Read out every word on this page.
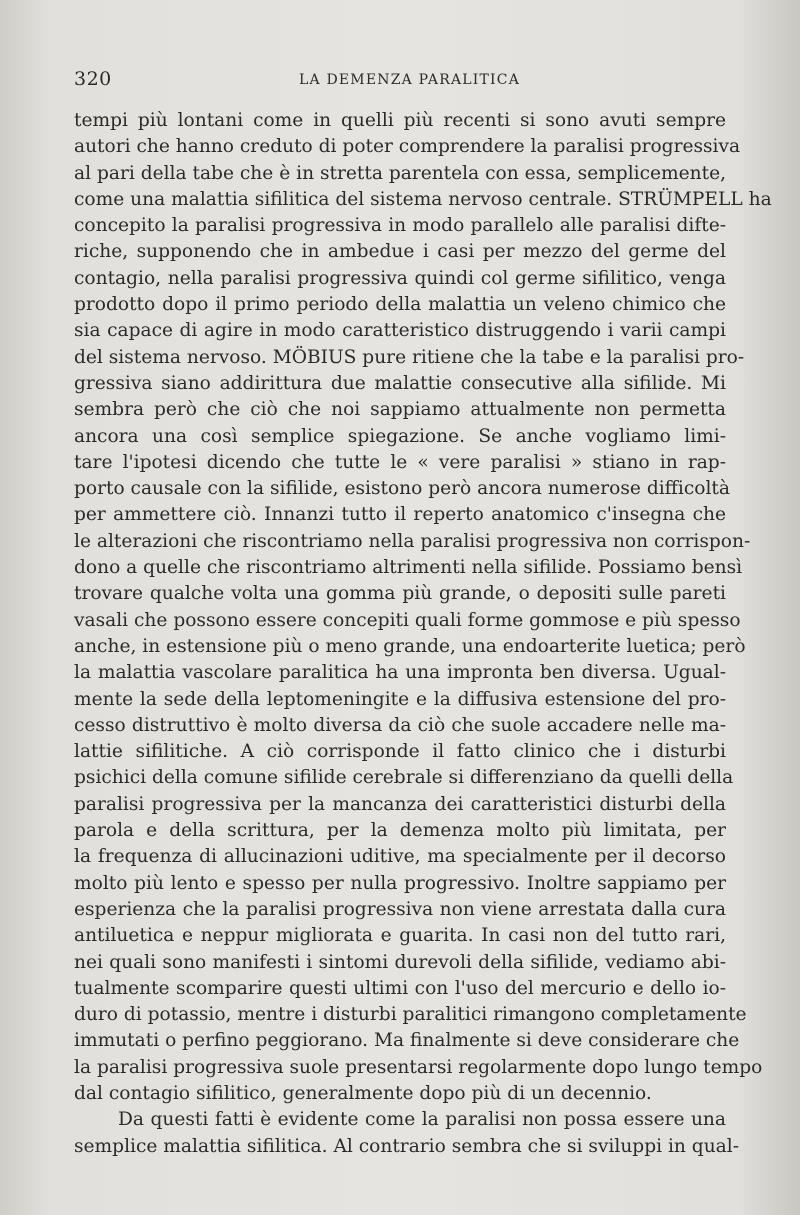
320	LA DEMENZA PARALITICA
tempi più lontani come in quelli più recenti si sono avuti sempre
autori che hanno creduto di poter comprendere la paralisi progressiva
al pari della tabe che è in stretta parentela con essa, semplicemente,
come una malattia sifilitica del sistema nervoso centrale. STRÜMPELL ha
concepito la paralisi progressiva in modo parallelo alle paralisi difte-
riche, supponendo che in ambedue i casi per mezzo del germe del
contagio, nella paralisi progressiva quindi col germe sifilitico, venga
prodotto dopo il primo periodo della malattia un veleno chimico che
sia capace di agire in modo caratteristico distruggendo i varii campi
del sistema nervoso. MÖBIUS pure ritiene che la tabe e la paralisi pro-
gressiva siano addirittura due malattie consecutive alla sifilide. Mi
sembra però che ciò che noi sappiamo attualmente non permetta
ancora una così semplice spiegazione. Se anche vogliamo limi-
tare l'ipotesi dicendo che tutte le « vere paralisi » stiano in rap-
porto causale con la sifilide, esistono però ancora numerose difficoltà
per ammettere ciò. Innanzi tutto il reperto anatomico c'insegna che
le alterazioni che riscontriamo nella paralisi progressiva non corrispon-
dono a quelle che riscontriamo altrimenti nella sifilide. Possiamo bensì
trovare qualche volta una gomma più grande, o depositi sulle pareti
vasali che possono essere concepiti quali forme gommose e più spesso
anche, in estensione più o meno grande, una endoarterite luetica; però
la malattia vascolare paralitica ha una impronta ben diversa. Ugual-
mente la sede della leptomeningite e la diffusiva estensione del pro-
cesso distruttivo è molto diversa da ciò che suole accadere nelle ma-
lattie sifilitiche. A ciò corrisponde il fatto clinico che i disturbi
psichici della comune sifilide cerebrale si differenziano da quelli della
paralisi progressiva per la mancanza dei caratteristici disturbi della
parola e della scrittura, per la demenza molto più limitata, per
la frequenza di allucinazioni uditive, ma specialmente per il decorso
molto più lento e spesso per nulla progressivo. Inoltre sappiamo per
esperienza che la paralisi progressiva non viene arrestata dalla cura
antiluetica e neppur migliorata e guarita. In casi non del tutto rari,
nei quali sono manifesti i sintomi durevoli della sifilide, vediamo abi-
tualmente scomparire questi ultimi con l'uso del mercurio e dello io-
duro di potassio, mentre i disturbi paralitici rimangono completamente
immutati o perfino peggiorano. Ma finalmente si deve considerare che
la paralisi progressiva suole presentarsi regolarmente dopo lungo tempo
dal contagio sifilitico, generalmente dopo più di un decennio.
Da questi fatti è evidente come la paralisi non possa essere una
semplice malattia sifilitica. Al contrario sembra che si sviluppi in qual-
